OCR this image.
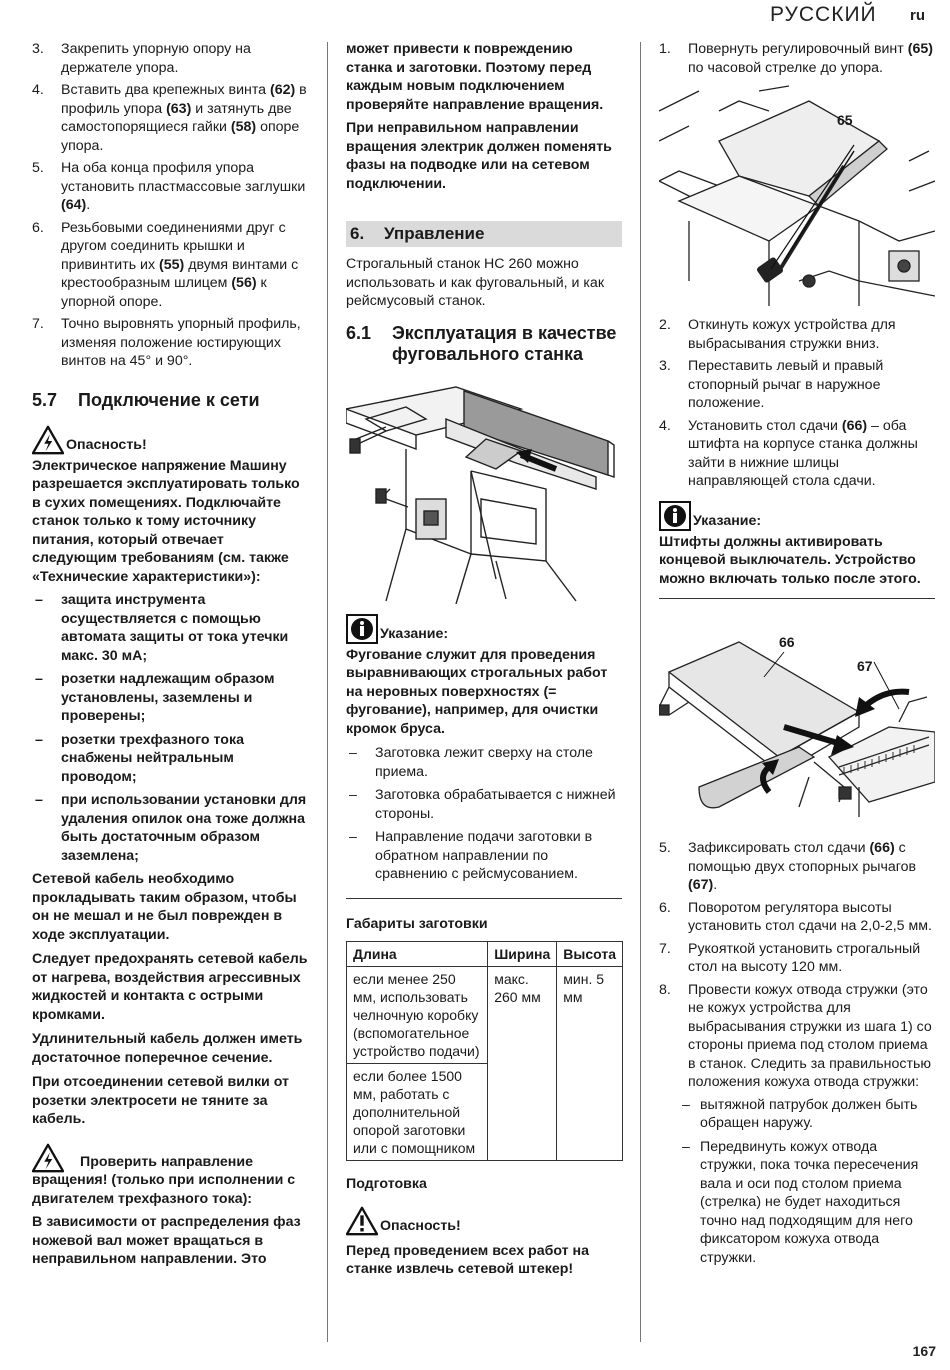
РУССКИЙ ru
3. Закрепить упорную опору на держателе упора.
4. Вставить два крепежных винта (62) в профиль упора (63) и затянуть две самостопорящиеся гайки (58) опоре упора.
5. На оба конца профиля упора установить пластмассовые заглушки (64).
6. Резьбовыми соединениями друг с другом соединить крышки и привинтить их (55) двумя винтами с крестообразным шлицем (56) к упорной опоре.
7. Точно выровнять упорный профиль, изменяя положение юстирующих винтов на 45° и 90°.
5.7 Подключение к сети
Опасность!
Электрическое напряжение Машину разрешается эксплуатировать только в сухих помещениях. Подключайте станок только к тому источнику питания, который отвечает следующим требованиям (см. также «Технические характеристики»):
– защита инструмента осуществляется с помощью автомата защиты от тока утечки макс. 30 мА;
– розетки надлежащим образом установлены, заземлены и проверены;
– розетки трехфазного тока снабжены нейтральным проводом;
– при использовании установки для удаления опилок она тоже должна быть достаточным образом заземлена;
Сетевой кабель необходимо прокладывать таким образом, чтобы он не мешал и не был поврежден в ходе эксплуатации.
Следует предохранять сетевой кабель от нагрева, воздействия агрессивных жидкостей и контакта с острыми кромками.
Удлинительный кабель должен иметь достаточное поперечное сечение.
При отсоединении сетевой вилки от розетки электросети не тяните за кабель.
Проверить направление вращения! (только при исполнении с двигателем трехфазного тока):
В зависимости от распределения фаз ножевой вал может вращаться в неправильном направлении. Это
может привести к повреждению станка и заготовки. Поэтому перед каждым новым подключением проверяйте направление вращения.
При неправильном направлении вращения электрик должен поменять фазы на подводке или на сетевом подключении.
6. Управление
Строгальный станок HC 260 можно использовать и как фуговальный, и как рейсмусовый станок.
6.1 Эксплуатация в качестве фуговального станка
Указание:
Фугование служит для проведения выравнивающих строгальных работ на неровных поверхностях (= фугование), например, для очистки кромок бруса.
– Заготовка лежит сверху на столе приема.
– Заготовка обрабатывается с нижней стороны.
– Направление подачи заготовки в обратном направлении по сравнению с рейсмусованием.
Габариты заготовки
Длина	Ширина	Высота
если менее 250 мм, использовать челночную коробку (вспомогательное устройство подачи)	макс. 260 мм	мин. 5 мм
если более 1500 мм, работать с дополнительной опорой заготовки или с помощником		
Подготовка
Опасность!
Перед проведением всех работ на станке извлечь сетевой штекер!
1. Повернуть регулировочный винт (65) по часовой стрелке до упора.
65
2. Откинуть кожух устройства для выбрасывания стружки вниз.
3. Переставить левый и правый стопорный рычаг в наружное положение.
4. Установить стол сдачи (66) – оба штифта на корпусе станка должны зайти в нижние шлицы направляющей стола сдачи.
Указание:
Штифты должны активировать концевой выключатель. Устройство можно включать только после этого.
66
67
5. Зафиксировать стол сдачи (66) с помощью двух стопорных рычагов (67).
6. Поворотом регулятора высоты установить стол сдачи на 2,0-2,5 мм.
7. Рукояткой установить строгальный стол на высоту 120 мм.
8. Провести кожух отвода стружки (это не кожух устройства для выбрасывания стружки из шага 1) со стороны приема под столом приема в станок. Следить за правильностью положения кожуха отвода стружки:
– вытяжной патрубок должен быть обращен наружу.
– Передвинуть кожух отвода стружки, пока точка пересечения вала и оси под столом приема (стрелка) не будет находиться точно над подходящим для него фиксатором кожуха отвода стружки.
167
